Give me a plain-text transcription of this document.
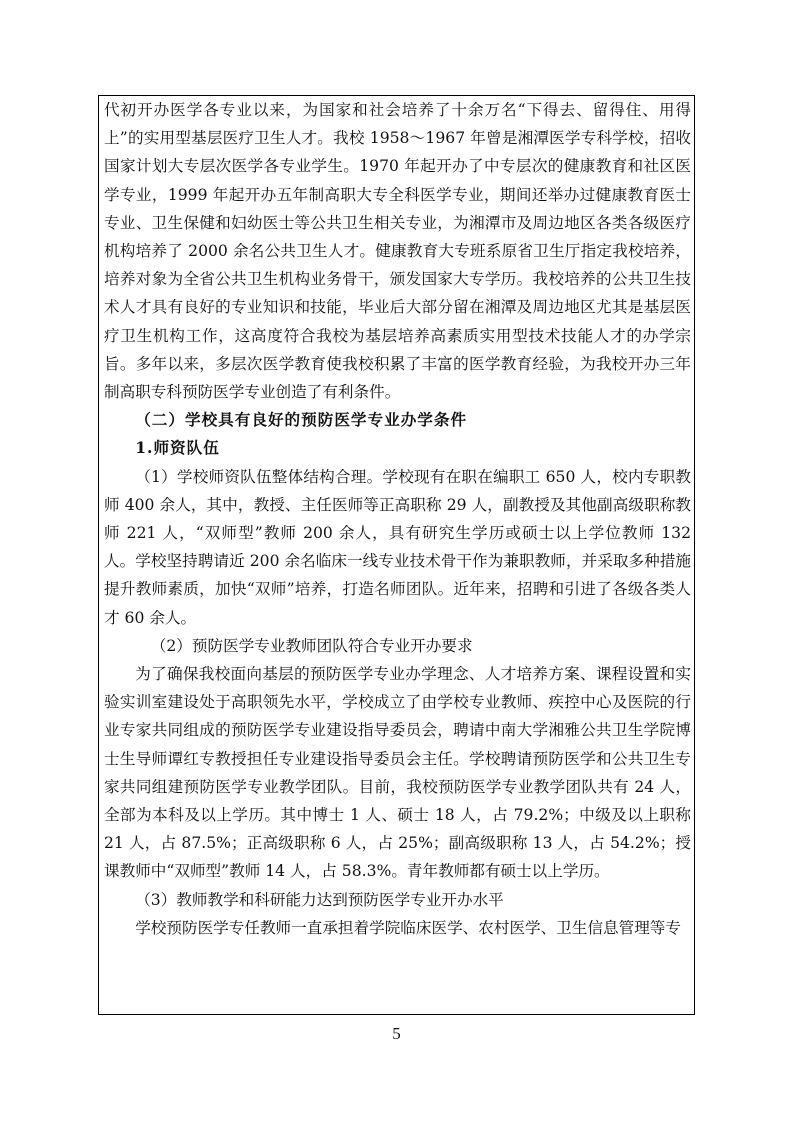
代初开办医学各专业以来，为国家和社会培养了十余万名“下得去、留得住、用得上”的实用型基层医疗卫生人才。我校 1958～1967 年曾是湘潭医学专科学校，招收国家计划大专层次医学各专业学生。1970 年起开办了中专层次的健康教育和社区医学专业，1999 年起开办五年制高职大专全科医学专业，期间还举办过健康教育医士专业、卫生保健和妇幼医士等公共卫生相关专业，为湘潭市及周边地区各类各级医疗机构培养了 2000 余名公共卫生人才。健康教育大专班系原省卫生厅指定我校培养，培养对象为全省公共卫生机构业务骨干，颁发国家大专学历。我校培养的公共卫生技术人才具有良好的专业知识和技能，毕业后大部分留在湘潭及周边地区尤其是基层医疗卫生机构工作，这高度符合我校为基层培养高素质实用型技术技能人才的办学宗旨。多年以来，多层次医学教育使我校积累了丰富的医学教育经验，为我校开办三年制高职专科预防医学专业创造了有利条件。

（二）学校具有良好的预防医学专业办学条件

1.师资队伍

（1）学校师资队伍整体结构合理。学校现有在职在编职工 650 人，校内专职教师 400 余人，其中，教授、主任医师等正高职称 29 人，副教授及其他副高级职称教师 221 人，“双师型”教师 200 余人，具有研究生学历或硕士以上学位教师 132 人。学校坚持聘请近 200 余名临床一线专业技术骨干作为兼职教师，并采取多种措施提升教师素质，加快“双师”培养，打造名师团队。近年来，招聘和引进了各级各类人才 60 余人。

（2）预防医学专业教师团队符合专业开办要求

为了确保我校面向基层的预防医学专业办学理念、人才培养方案、课程设置和实验实训室建设处于高职领先水平，学校成立了由学校专业教师、疾控中心及医院的行业专家共同组成的预防医学专业建设指导委员会，聘请中南大学湘雅公共卫生学院博士生导师谭红专教授担任专业建设指导委员会主任。学校聘请预防医学和公共卫生专家共同组建预防医学专业教学团队。目前，我校预防医学专业教学团队共有 24 人，全部为本科及以上学历。其中博士 1 人、硕士 18 人，占 79.2%；中级及以上职称 21 人，占 87.5%；正高级职称 6 人，占 25%；副高级职称 13 人，占 54.2%；授课教师中“双师型”教师 14 人，占 58.3%。青年教师都有硕士以上学历。

（3）教师教学和科研能力达到预防医学专业开办水平

学校预防医学专任教师一直承担着学院临床医学、农村医学、卫生信息管理等专

5
